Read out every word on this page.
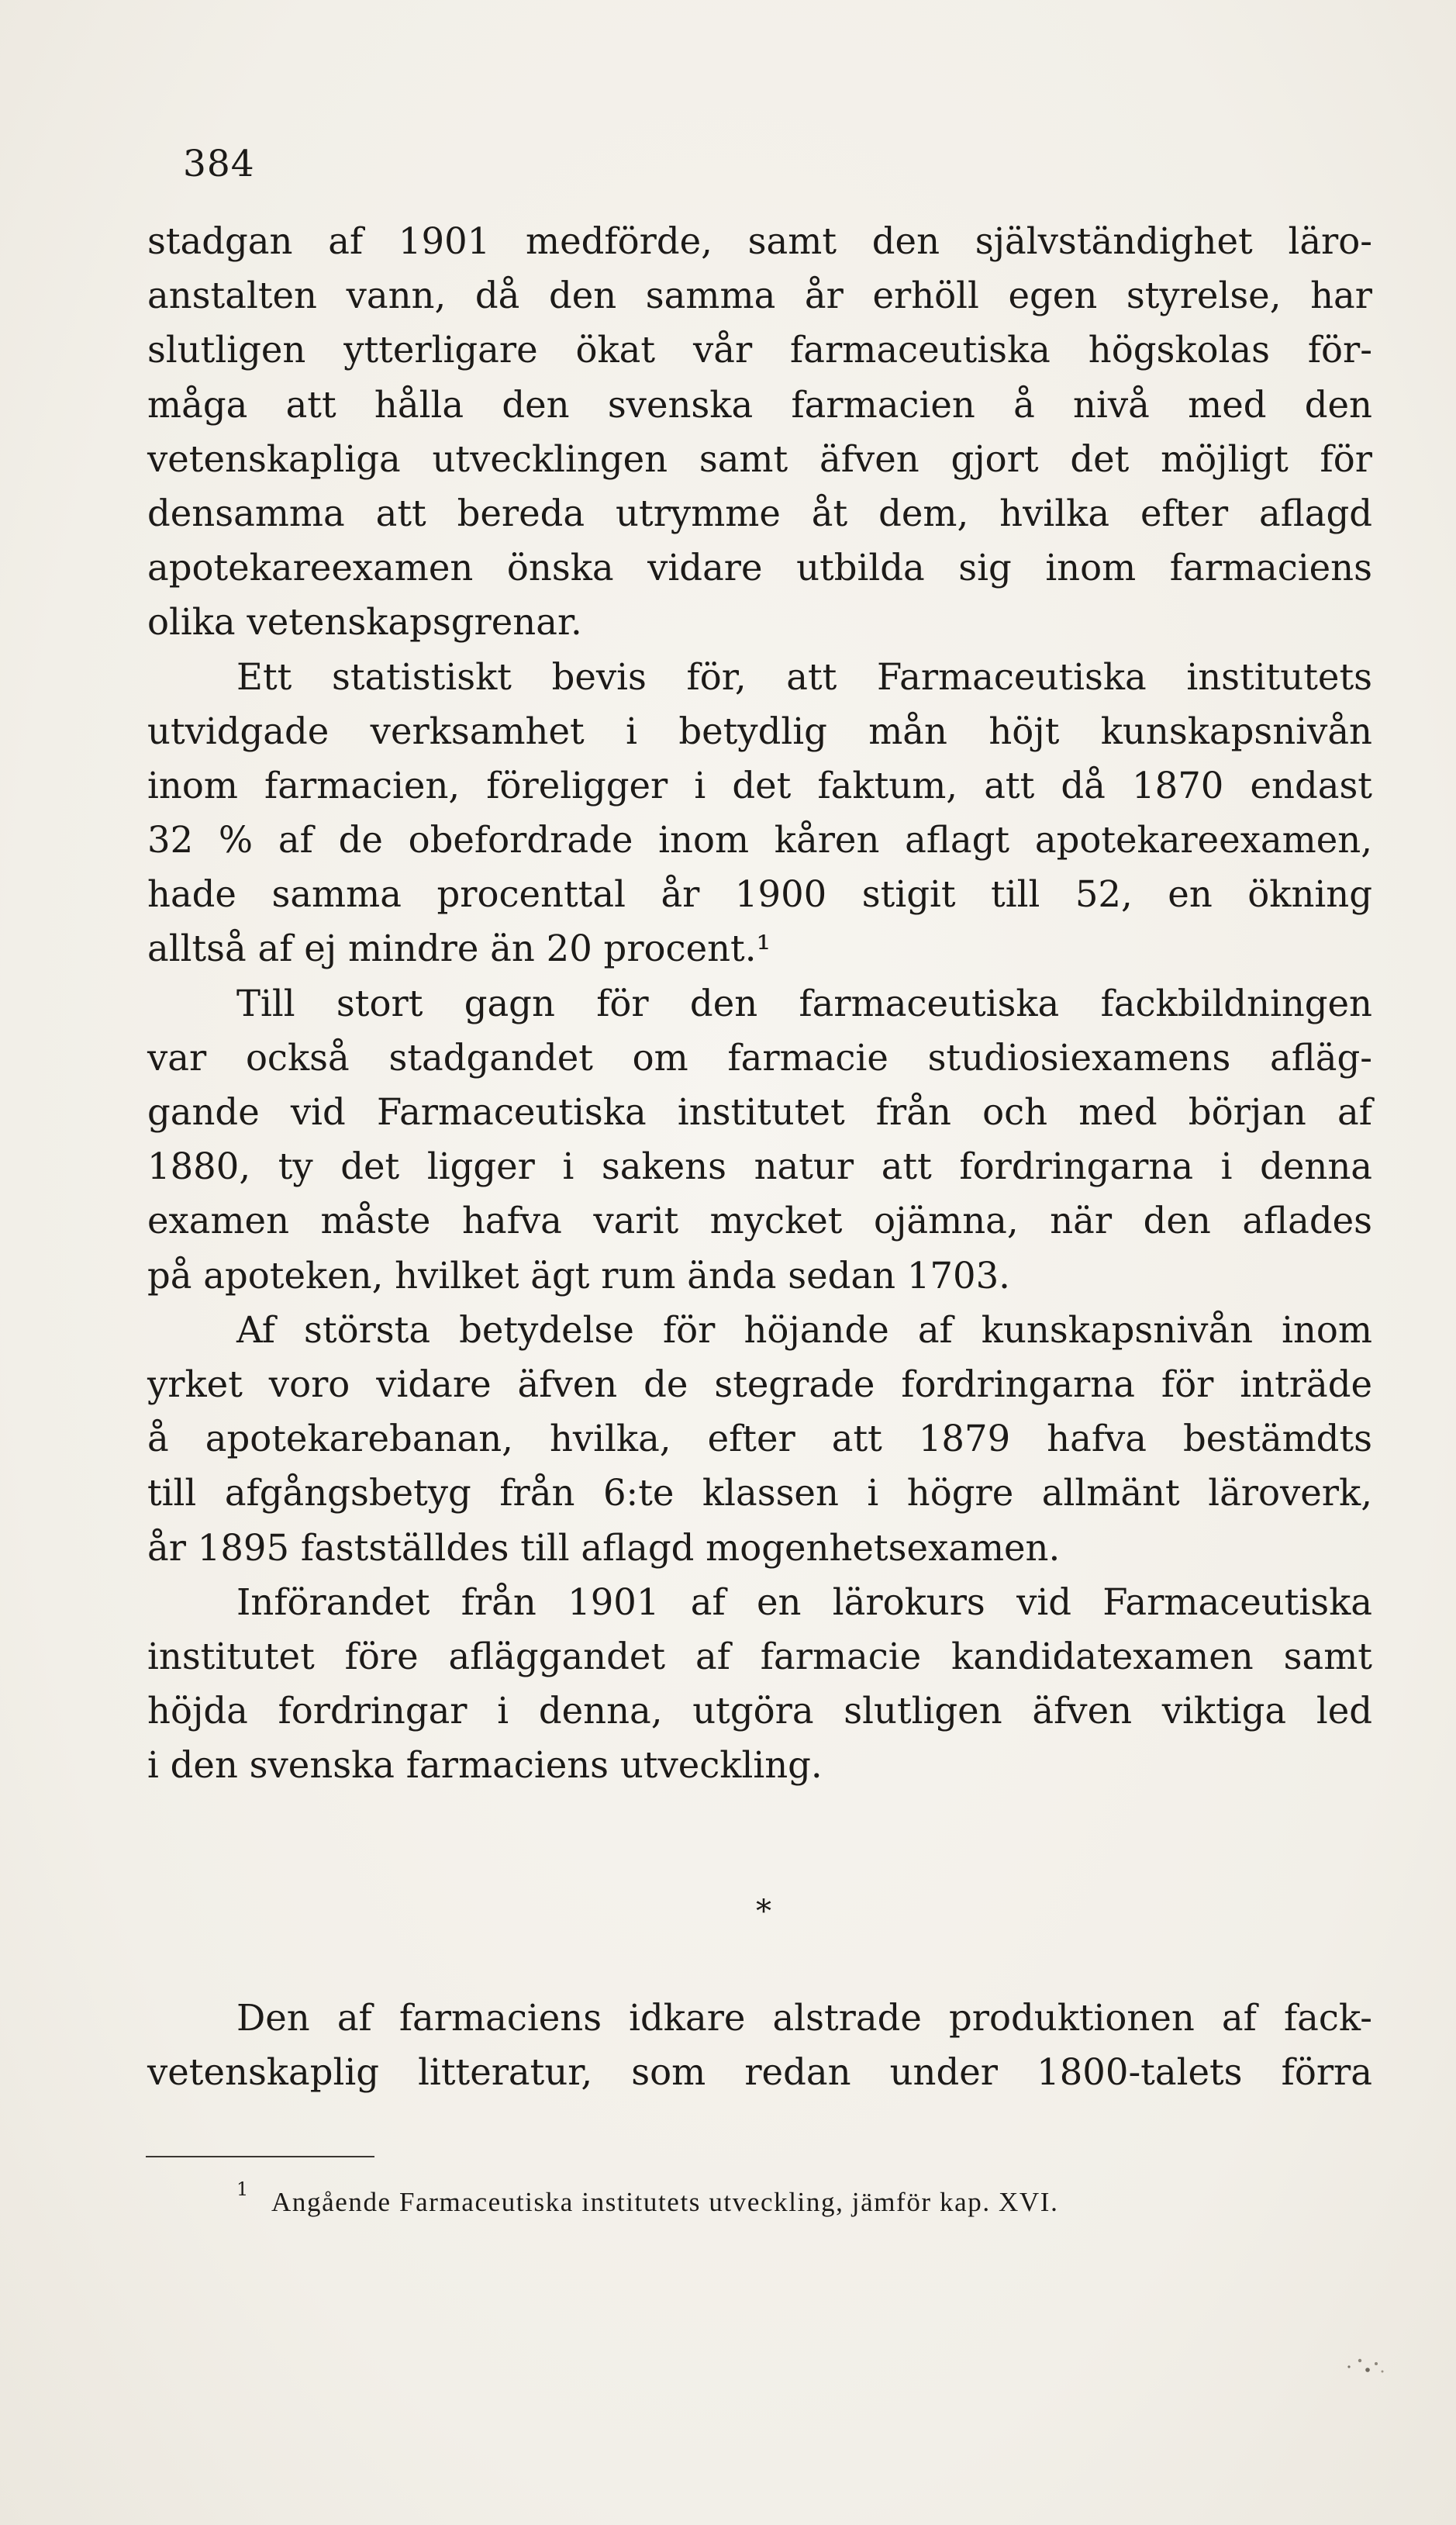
384
stadgan af 1901 medförde, samt den självständighet läro-
anstalten vann, då den samma år erhöll egen styrelse, har
slutligen ytterligare ökat vår farmaceutiska högskolas för-
måga att hålla den svenska farmacien å nivå med den
vetenskapliga utvecklingen samt äfven gjort det möjligt för
densamma att bereda utrymme åt dem, hvilka efter aflagd
apotekareexamen önska vidare utbilda sig inom farmaciens
olika vetenskapsgrenar.
Ett statistiskt bevis för, att Farmaceutiska institutets
utvidgade verksamhet i betydlig mån höjt kunskapsnivån
inom farmacien, föreligger i det faktum, att då 1870 endast
32 % af de obefordrade inom kåren aflagt apotekareexamen,
hade samma procenttal år 1900 stigit till 52, en ökning
alltså af ej mindre än 20 procent.¹
Till stort gagn för den farmaceutiska fackbildningen
var också stadgandet om farmacie studiosiexamens afläg-
gande vid Farmaceutiska institutet från och med början af
1880, ty det ligger i sakens natur att fordringarna i denna
examen måste hafva varit mycket ojämna, när den aflades
på apoteken, hvilket ägt rum ända sedan 1703.
Af största betydelse för höjande af kunskapsnivån inom
yrket voro vidare äfven de stegrade fordringarna för inträde
å apotekarebanan, hvilka, efter att 1879 hafva bestämdts
till afgångsbetyg från 6:te klassen i högre allmänt läroverk,
år 1895 fastställdes till aflagd mogenhetsexamen.
Införandet från 1901 af en lärokurs vid Farmaceutiska
institutet före afläggandet af farmacie kandidatexamen samt
höjda fordringar i denna, utgöra slutligen äfven viktiga led
i den svenska farmaciens utveckling.
*
Den af farmaciens idkare alstrade produktionen af fack-
vetenskaplig litteratur, som redan under 1800-talets förra
1 Angående Farmaceutiska institutets utveckling, jämför kap. XVI.
